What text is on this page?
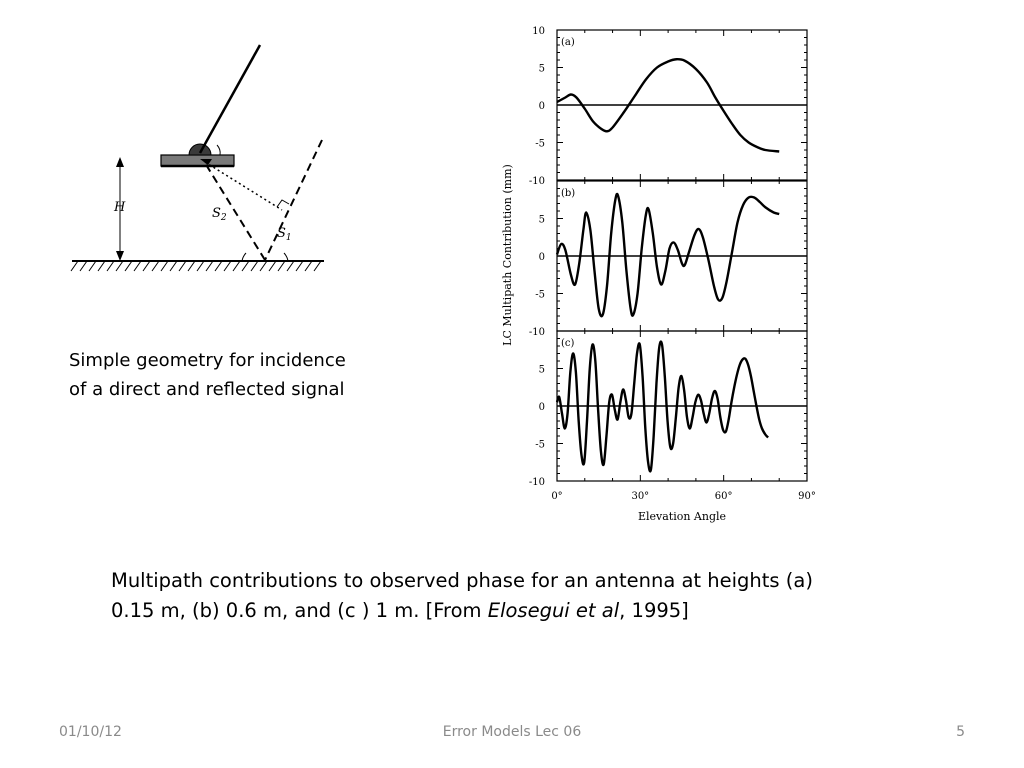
H	$S_2$
$S_1$
Simple geometry for incidence
of a direct and reflected signal
10
5
0
-5
-10
(a)
5
0
-5
-10
(b)
5
0
-5
-10
(c)
0°	30°	60°	90°
LC Multipath Contribution (mm)
Elevation Angle
Multipath contributions to observed phase for an antenna at heights (a)
0.15 m, (b) 0.6 m, and (c ) 1 m. [From Elosegui et al, 1995]
01/10/12	Error Models Lec 06	5
